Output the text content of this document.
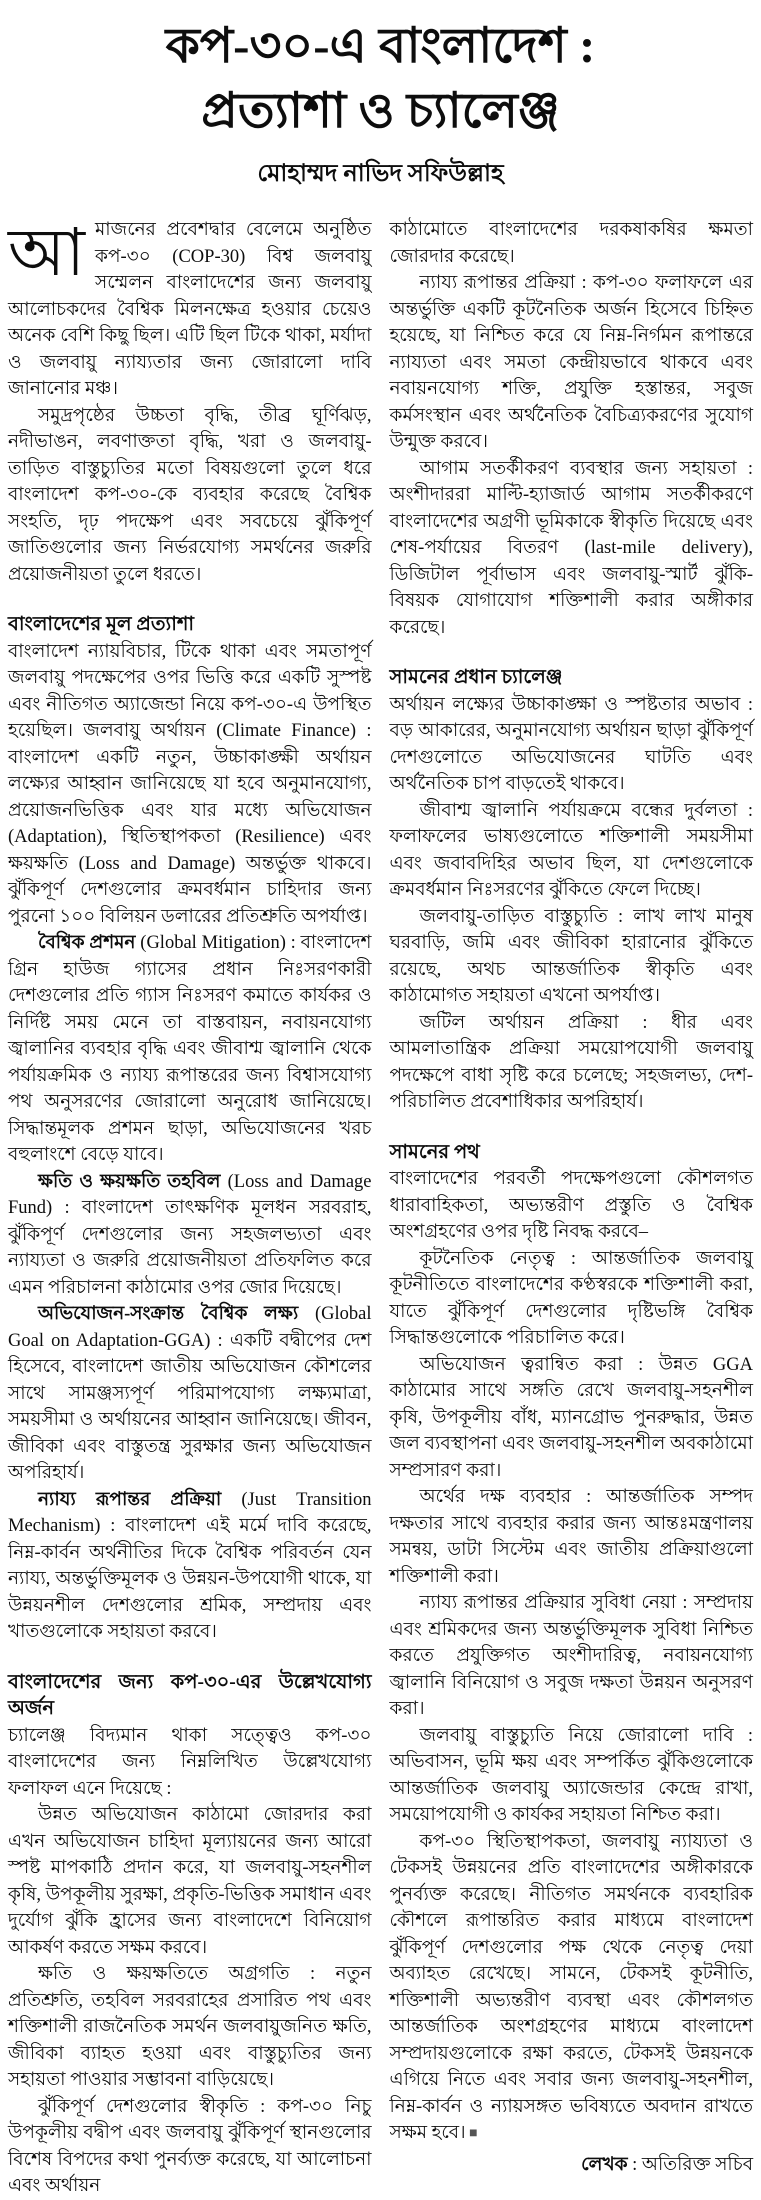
কপ-৩০-এ বাংলাদেশ :
প্রত্যাশা ও চ্যালেঞ্জ
মোহাম্মদ নাভিদ সফিউল্লাহ

আমাজনের প্রবেশদ্বার বেলেমে অনুষ্ঠিত কপ-৩০ (COP-30) বিশ্ব জলবায়ু সম্মেলন বাংলাদেশের জন্য জলবায়ু আলোচকদের বৈশ্বিক মিলনক্ষেত্র হওয়ার চেয়েও অনেক বেশি কিছু ছিল। এটি ছিল টিকে থাকা, মর্যাদা ও জলবায়ু ন্যায্যতার জন্য জোরালো দাবি জানানোর মঞ্চ।

সমুদ্রপৃষ্ঠের উচ্চতা বৃদ্ধি, তীব্র ঘূর্ণিঝড়, নদীভাঙন, লবণাক্ততা বৃদ্ধি, খরা ও জলবায়ু-তাড়িত বাস্তুচ্যুতির মতো বিষয়গুলো তুলে ধরে বাংলাদেশ কপ-৩০-কে ব্যবহার করেছে বৈশ্বিক সংহতি, দৃঢ় পদক্ষেপ এবং সবচেয়ে ঝুঁকিপূর্ণ জাতিগুলোর জন্য নির্ভরযোগ্য সমর্থনের জরুরি প্রয়োজনীয়তা তুলে ধরতে।

বাংলাদেশের মূল প্রত্যাশা

বাংলাদেশ ন্যায়বিচার, টিকে থাকা এবং সমতাপূর্ণ জলবায়ু পদক্ষেপের ওপর ভিত্তি করে একটি সুস্পষ্ট এবং নীতিগত অ্যাজেন্ডা নিয়ে কপ-৩০-এ উপস্থিত হয়েছিল। জলবায়ু অর্থায়ন (Climate Finance) : বাংলাদেশ একটি নতুন, উচ্চাকাঙ্ক্ষী অর্থায়ন লক্ষ্যের আহ্বান জানিয়েছে যা হবে অনুমানযোগ্য, প্রয়োজনভিত্তিক এবং যার মধ্যে অভিযোজন (Adaptation), স্থিতিস্থাপকতা (Resilience) এবং ক্ষয়ক্ষতি (Loss and Damage) অন্তর্ভুক্ত থাকবে। ঝুঁকিপূর্ণ দেশগুলোর ক্রমবর্ধমান চাহিদার জন্য পুরনো ১০০ বিলিয়ন ডলারের প্রতিশ্রুতি অপর্যাপ্ত।

বৈশ্বিক প্রশমন (Global Mitigation) : বাংলাদেশ গ্রিন হাউজ গ্যাসের প্রধান নিঃসরণকারী দেশগুলোর প্রতি গ্যাস নিঃসরণ কমাতে কার্যকর ও নির্দিষ্ট সময় মেনে তা বাস্তবায়ন, নবায়নযোগ্য জ্বালানির ব্যবহার বৃদ্ধি এবং জীবাশ্ম জ্বালানি থেকে পর্যায়ক্রমিক ও ন্যায্য রূপান্তরের জন্য বিশ্বাসযোগ্য পথ অনুসরণের জোরালো অনুরোধ জানিয়েছে। সিদ্ধান্তমূলক প্রশমন ছাড়া, অভিযোজনের খরচ বহুলাংশে বেড়ে যাবে।

ক্ষতি ও ক্ষয়ক্ষতি তহবিল (Loss and Damage Fund) : বাংলাদেশ তাৎক্ষণিক মূলধন সরবরাহ, ঝুঁকিপূর্ণ দেশগুলোর জন্য সহজলভ্যতা এবং ন্যায্যতা ও জরুরি প্রয়োজনীয়তা প্রতিফলিত করে এমন পরিচালনা কাঠামোর ওপর জোর দিয়েছে।

অভিযোজন-সংক্রান্ত বৈশ্বিক লক্ষ্য (Global Goal on Adaptation-GGA) : একটি বদ্বীপের দেশ হিসেবে, বাংলাদেশ জাতীয় অভিযোজন কৌশলের সাথে সামঞ্জস্যপূর্ণ পরিমাপযোগ্য লক্ষ্যমাত্রা, সময়সীমা ও অর্থায়নের আহ্বান জানিয়েছে। জীবন, জীবিকা এবং বাস্তুতন্ত্র সুরক্ষার জন্য অভিযোজন অপরিহার্য।

ন্যায্য রূপান্তর প্রক্রিয়া (Just Transition Mechanism) : বাংলাদেশ এই মর্মে দাবি করেছে, নিম্ন-কার্বন অর্থনীতির দিকে বৈশ্বিক পরিবর্তন যেন ন্যায্য, অন্তর্ভুক্তিমূলক ও উন্নয়ন-উপযোগী থাকে, যা উন্নয়নশীল দেশগুলোর শ্রমিক, সম্প্রদায় এবং খাতগুলোকে সহায়তা করবে।

বাংলাদেশের জন্য কপ-৩০-এর উল্লেখযোগ্য অর্জন

চ্যালেঞ্জ বিদ্যমান থাকা সত্ত্বেও কপ-৩০ বাংলাদেশের জন্য নিম্নলিখিত উল্লেখযোগ্য ফলাফল এনে দিয়েছে :

উন্নত অভিযোজন কাঠামো জোরদার করা এখন অভিযোজন চাহিদা মূল্যায়নের জন্য আরো স্পষ্ট মাপকাঠি প্রদান করে, যা জলবায়ু-সহনশীল কৃষি, উপকূলীয় সুরক্ষা, প্রকৃতি-ভিত্তিক সমাধান এবং দুর্যোগ ঝুঁকি হ্রাসের জন্য বাংলাদেশে বিনিয়োগ আকর্ষণ করতে সক্ষম করবে।

ক্ষতি ও ক্ষয়ক্ষতিতে অগ্রগতি : নতুন প্রতিশ্রুতি, তহবিল সরবরাহের প্রসারিত পথ এবং শক্তিশালী রাজনৈতিক সমর্থন জলবায়ুজনিত ক্ষতি, জীবিকা ব্যাহত হওয়া এবং বাস্তুচ্যুতির জন্য সহায়তা পাওয়ার সম্ভাবনা বাড়িয়েছে।

ঝুঁকিপূর্ণ দেশগুলোর স্বীকৃতি : কপ-৩০ নিচু উপকূলীয় বদ্বীপ এবং জলবায়ু ঝুঁকিপূর্ণ স্থানগুলোর বিশেষ বিপদের কথা পুনর্ব্যক্ত করেছে, যা আলোচনা এবং অর্থায়ন

কাঠামোতে বাংলাদেশের দরকষাকষির ক্ষমতা জোরদার করেছে।

ন্যায্য রূপান্তর প্রক্রিয়া : কপ-৩০ ফলাফলে এর অন্তর্ভুক্তি একটি কূটনৈতিক অর্জন হিসেবে চিহ্নিত হয়েছে, যা নিশ্চিত করে যে নিম্ন-নির্গমন রূপান্তরে ন্যায্যতা এবং সমতা কেন্দ্রীয়ভাবে থাকবে এবং নবায়নযোগ্য শক্তি, প্রযুক্তি হস্তান্তর, সবুজ কর্মসংস্থান এবং অর্থনৈতিক বৈচিত্র্যকরণের সুযোগ উন্মুক্ত করবে।

আগাম সতর্কীকরণ ব্যবস্থার জন্য সহায়তা : অংশীদাররা মাল্টি-হ্যাজার্ড আগাম সতর্কীকরণে বাংলাদেশের অগ্রণী ভূমিকাকে স্বীকৃতি দিয়েছে এবং শেষ-পর্যায়ের বিতরণ (last-mile delivery), ডিজিটাল পূর্বাভাস এবং জলবায়ু-স্মার্ট ঝুঁকি-বিষয়ক যোগাযোগ শক্তিশালী করার অঙ্গীকার করেছে।

সামনের প্রধান চ্যালেঞ্জ

অর্থায়ন লক্ষ্যের উচ্চাকাঙ্ক্ষা ও স্পষ্টতার অভাব : বড় আকারের, অনুমানযোগ্য অর্থায়ন ছাড়া ঝুঁকিপূর্ণ দেশগুলোতে অভিযোজনের ঘাটতি এবং অর্থনৈতিক চাপ বাড়তেই থাকবে।

জীবাশ্ম জ্বালানি পর্যায়ক্রমে বন্ধের দুর্বলতা : ফলাফলের ভাষ্যগুলোতে শক্তিশালী সময়সীমা এবং জবাবদিহির অভাব ছিল, যা দেশগুলোকে ক্রমবর্ধমান নিঃসরণের ঝুঁকিতে ফেলে দিচ্ছে।

জলবায়ু-তাড়িত বাস্তুচ্যুতি : লাখ লাখ মানুষ ঘরবাড়ি, জমি এবং জীবিকা হারানোর ঝুঁকিতে রয়েছে, অথচ আন্তর্জাতিক স্বীকৃতি এবং কাঠামোগত সহায়তা এখনো অপর্যাপ্ত।

জটিল অর্থায়ন প্রক্রিয়া : ধীর এবং আমলাতান্ত্রিক প্রক্রিয়া সময়োপযোগী জলবায়ু পদক্ষেপে বাধা সৃষ্টি করে চলেছে; সহজলভ্য, দেশ-পরিচালিত প্রবেশাধিকার অপরিহার্য।

সামনের পথ

বাংলাদেশের পরবর্তী পদক্ষেপগুলো কৌশলগত ধারাবাহিকতা, অভ্যন্তরীণ প্রস্তুতি ও বৈশ্বিক অংশগ্রহণের ওপর দৃষ্টি নিবদ্ধ করবে–

কূটনৈতিক নেতৃত্ব : আন্তর্জাতিক জলবায়ু কূটনীতিতে বাংলাদেশের কণ্ঠস্বরকে শক্তিশালী করা, যাতে ঝুঁকিপূর্ণ দেশগুলোর দৃষ্টিভঙ্গি বৈশ্বিক সিদ্ধান্তগুলোকে পরিচালিত করে।

অভিযোজন ত্বরান্বিত করা : উন্নত GGA কাঠামোর সাথে সঙ্গতি রেখে জলবায়ু-সহনশীল কৃষি, উপকূলীয় বাঁধ, ম্যানগ্রোভ পুনরুদ্ধার, উন্নত জল ব্যবস্থাপনা এবং জলবায়ু-সহনশীল অবকাঠামো সম্প্রসারণ করা।

অর্থের দক্ষ ব্যবহার : আন্তর্জাতিক সম্পদ দক্ষতার সাথে ব্যবহার করার জন্য আন্তঃমন্ত্রণালয় সমন্বয়, ডাটা সিস্টেম এবং জাতীয় প্রক্রিয়াগুলো শক্তিশালী করা।

ন্যায্য রূপান্তর প্রক্রিয়ার সুবিধা নেয়া : সম্প্রদায় এবং শ্রমিকদের জন্য অন্তর্ভুক্তিমূলক সুবিধা নিশ্চিত করতে প্রযুক্তিগত অংশীদারিত্ব, নবায়নযোগ্য জ্বালানি বিনিয়োগ ও সবুজ দক্ষতা উন্নয়ন অনুসরণ করা।

জলবায়ু বাস্তুচ্যুতি নিয়ে জোরালো দাবি : অভিবাসন, ভূমি ক্ষয় এবং সম্পর্কিত ঝুঁকিগুলোকে আন্তর্জাতিক জলবায়ু অ্যাজেন্ডার কেন্দ্রে রাখা, সময়োপযোগী ও কার্যকর সহায়তা নিশ্চিত করা।

কপ-৩০ স্থিতিস্থাপকতা, জলবায়ু ন্যায্যতা ও টেকসই উন্নয়নের প্রতি বাংলাদেশের অঙ্গীকারকে পুনর্ব্যক্ত করেছে। নীতিগত সমর্থনকে ব্যবহারিক কৌশলে রূপান্তরিত করার মাধ্যমে বাংলাদেশ ঝুঁকিপূর্ণ দেশগুলোর পক্ষ থেকে নেতৃত্ব দেয়া অব্যাহত রেখেছে। সামনে, টেকসই কূটনীতি, শক্তিশালী অভ্যন্তরীণ ব্যবস্থা এবং কৌশলগত আন্তর্জাতিক অংশগ্রহণের মাধ্যমে বাংলাদেশ সম্প্রদায়গুলোকে রক্ষা করতে, টেকসই উন্নয়নকে এগিয়ে নিতে এবং সবার জন্য জলবায়ু-সহনশীল, নিম্ন-কার্বন ও ন্যায়সঙ্গত ভবিষ্যতে অবদান রাখতে সক্ষম হবে। ■

লেখক : অতিরিক্ত সচিব
